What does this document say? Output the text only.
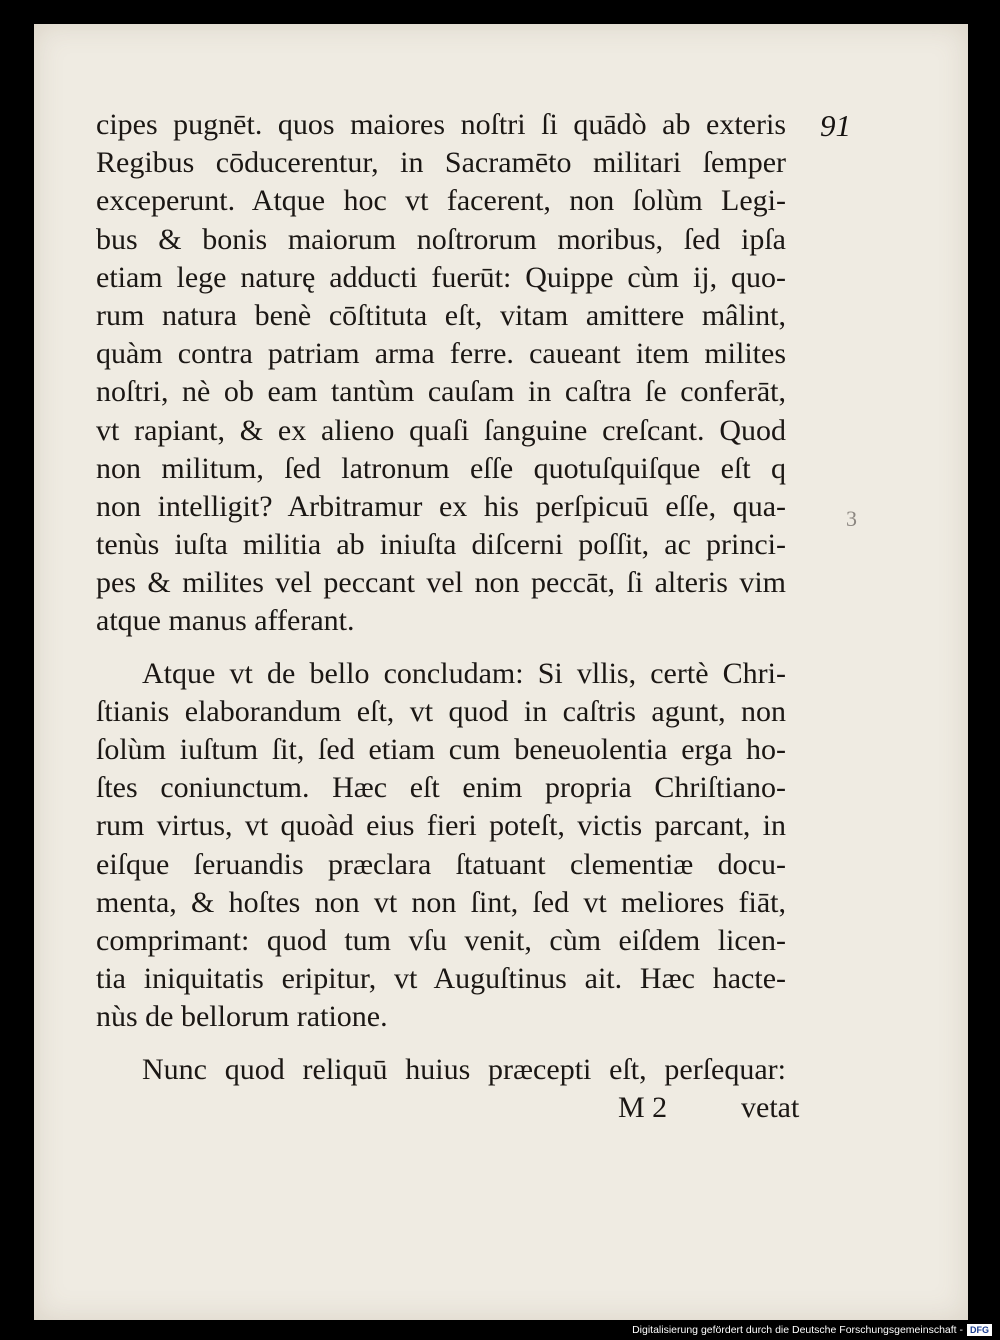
91

3

cipes pugnēt. quos maiores noſtri ſi quādò ab exteris
Regibus cōducerentur, in Sacramēto militari ſemper
exceperunt. Atque hoc vt facerent, non ſolùm Legi-
bus & bonis maiorum noſtrorum moribus, ſed ipſa
etiam lege naturę adducti fuerūt: Quippe cùm ij, quo-
rum natura benè cōſtituta eſt, vitam amittere mâlint,
quàm contra patriam arma ferre. caueant item milites
noſtri, nè ob eam tantùm cauſam in caſtra ſe conferāt,
vt rapiant, & ex alieno quaſi ſanguine creſcant. Quod
non militum, ſed latronum eſſe quotuſquiſque eſt q
non intelligit? Arbitramur ex his perſpicuū eſſe, qua-
tenùs iuſta militia ab iniuſta diſcerni poſſit, ac princi-
pes & milites vel peccant vel non peccāt, ſi alteris vim
atque manus afferant.
Atque vt de bello concludam: Si vllis, certè Chri-
ſtianis elaborandum eſt, vt quod in caſtris agunt, non
ſolùm iuſtum ſit, ſed etiam cum beneuolentia erga ho-
ſtes coniunctum. Hæc eſt enim propria Chriſtiano-
rum virtus, vt quoàd eius fieri poteſt, victis parcant, in
eiſque ſeruandis præclara ſtatuant clementiæ docu-
menta, & hoſtes non vt non ſint, ſed vt meliores fiāt,
comprimant: quod tum vſu venit, cùm eiſdem licen-
tia iniquitatis eripitur, vt Auguſtinus ait. Hæc hacte-
nùs de bellorum ratione.
Nunc quod reliquū huius præcepti eſt, perſequar:
M 2 vetat
Digitalisierung gefördert durch die Deutsche Forschungsgemeinschaft - DFG
